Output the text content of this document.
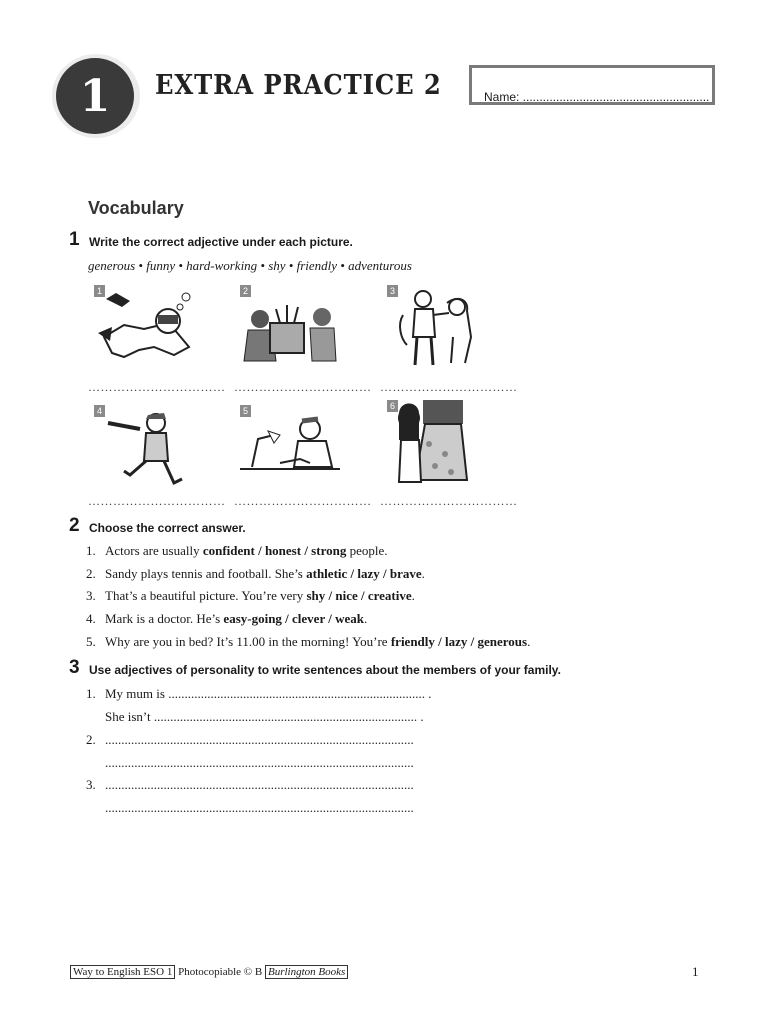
1	EXTRA PRACTICE 2	Name: ........................................................
Vocabulary
1 Write the correct adjective under each picture.
generous • funny • hard-working • shy • friendly • adventurous
1	2	3
…………………………… …………………………… ……………………………
4	5	6
…………………………… …………………………… ……………………………
2 Choose the correct answer.
1. Actors are usually confident / honest / strong people.
2. Sandy plays tennis and football. She’s athletic / lazy / brave.
3. That’s a beautiful picture. You’re very shy / nice / creative.
4. Mark is a doctor. He’s easy-going / clever / weak.
5. Why are you in bed? It’s 11.00 in the morning! You’re friendly / lazy / generous.
3 Use adjectives of personality to write sentences about the members of your family.
1. My mum is ............................................................................... .
She isn’t ................................................................................. .
2. ...............................................................................................
...............................................................................................
3. ...............................................................................................
...............................................................................................
Way to English ESO 1 Photocopiable © B Burlington Books	1
